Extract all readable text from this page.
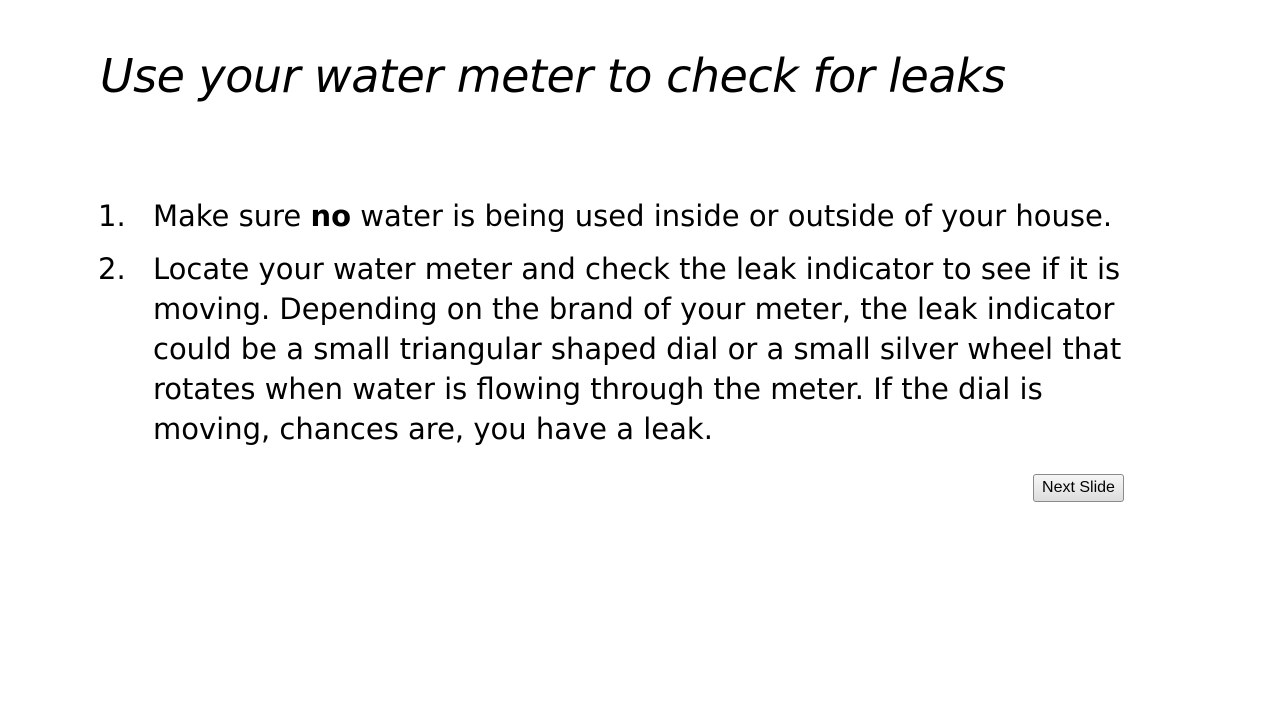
Use your water meter to check for leaks
1. Make sure no water is being used inside or outside of your house.
2. Locate your water meter and check the leak indicator to see if it is moving. Depending on the brand of your meter, the leak indicator could be a small triangular shaped dial or a small silver wheel that rotates when water is flowing through the meter. If the dial is moving, chances are, you have a leak.
Next Slide
